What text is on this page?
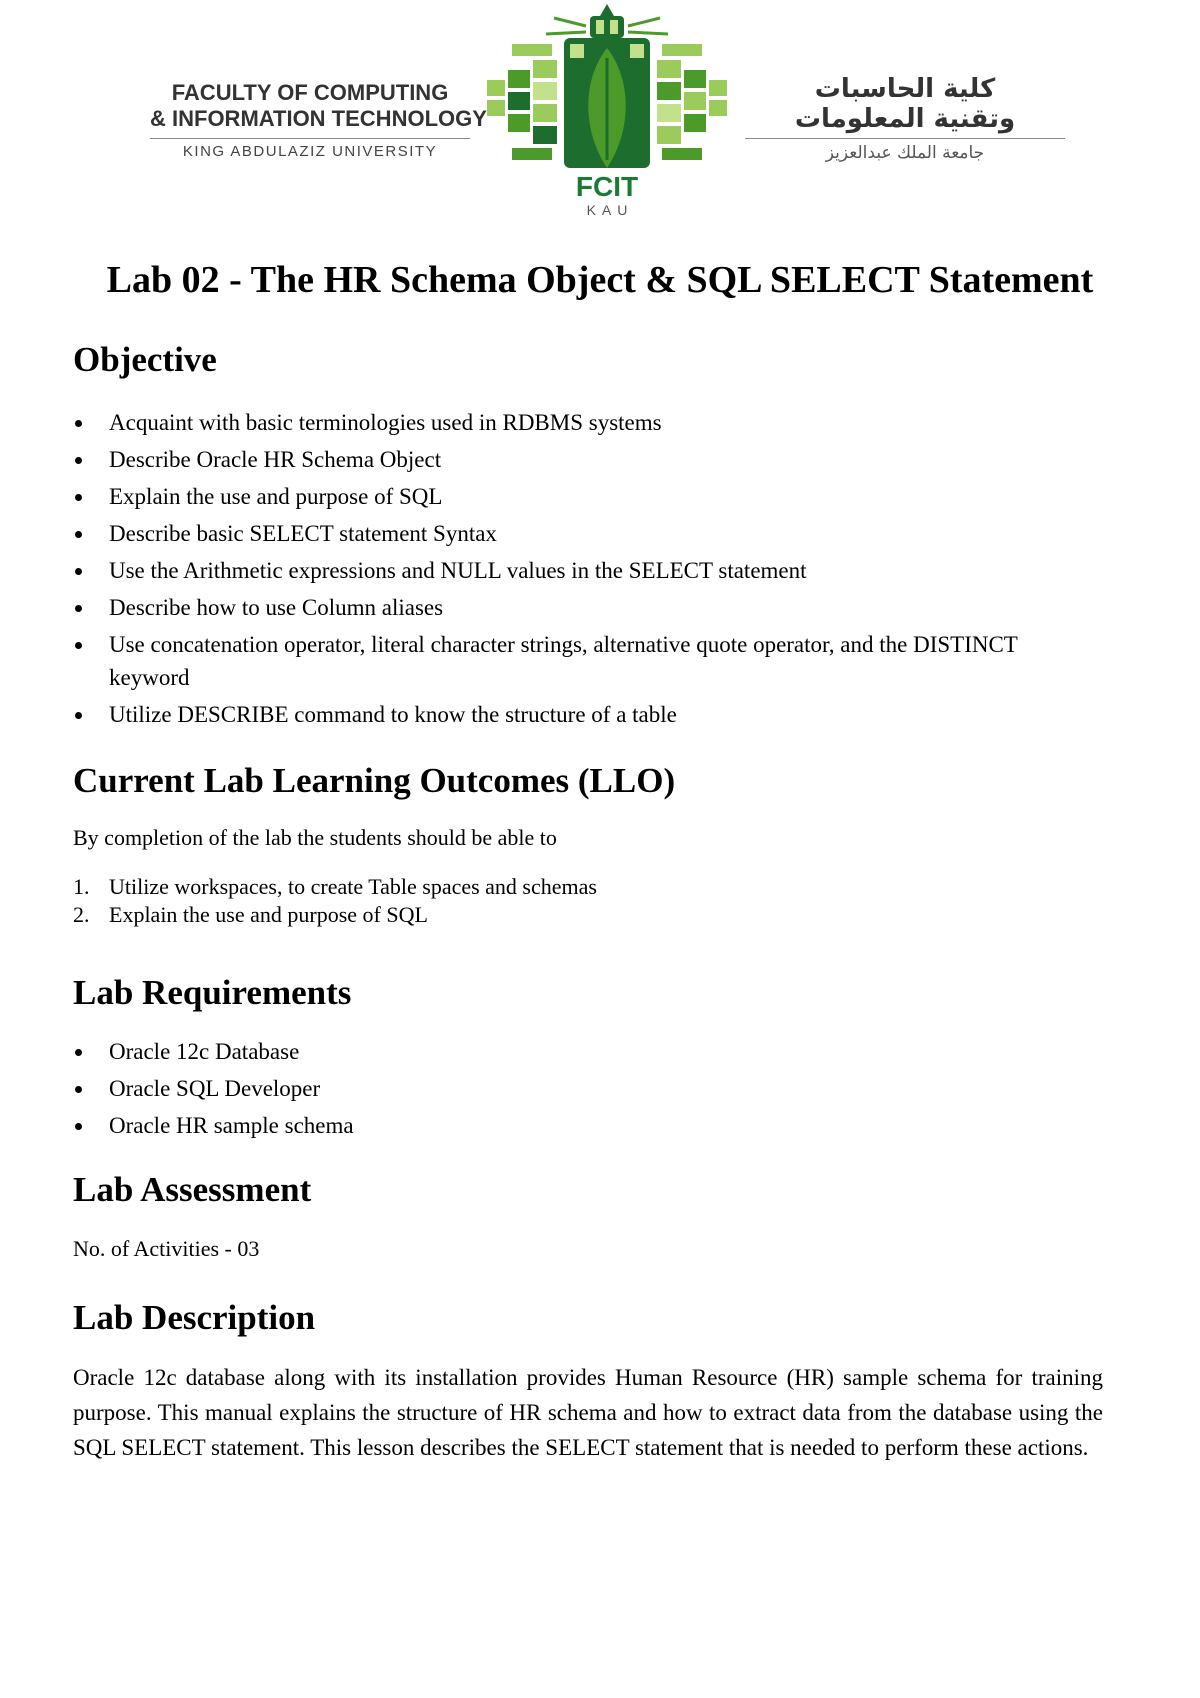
FACULTY OF COMPUTING
& INFORMATION TECHNOLOGY
KING ABDULAZIZ UNIVERSITY
FCIT
KAU
كلية الحاسبات
وتقنية المعلومات
جامعة الملك عبدالعزيز
Lab 02 - The HR Schema Object & SQL SELECT Statement
Objective
Acquaint with basic terminologies used in RDBMS systems
Describe Oracle HR Schema Object
Explain the use and purpose of SQL
Describe basic SELECT statement Syntax
Use the Arithmetic expressions and NULL values in the SELECT statement
Describe how to use Column aliases
Use concatenation operator, literal character strings, alternative quote operator, and the DISTINCT keyword
Utilize DESCRIBE command to know the structure of a table
Current Lab Learning Outcomes (LLO)

By completion of the lab the students should be able to

1. Utilize workspaces, to create Table spaces and schemas
2. Explain the use and purpose of SQL
Lab Requirements
Oracle 12c Database
Oracle SQL Developer
Oracle HR sample schema
Lab Assessment

No. of Activities - 03

Lab Description

Oracle 12c database along with its installation provides Human Resource (HR) sample schema for training purpose. This manual explains the structure of HR schema and how to extract data from the database using the SQL SELECT statement. This lesson describes the SELECT statement that is needed to perform these actions.
